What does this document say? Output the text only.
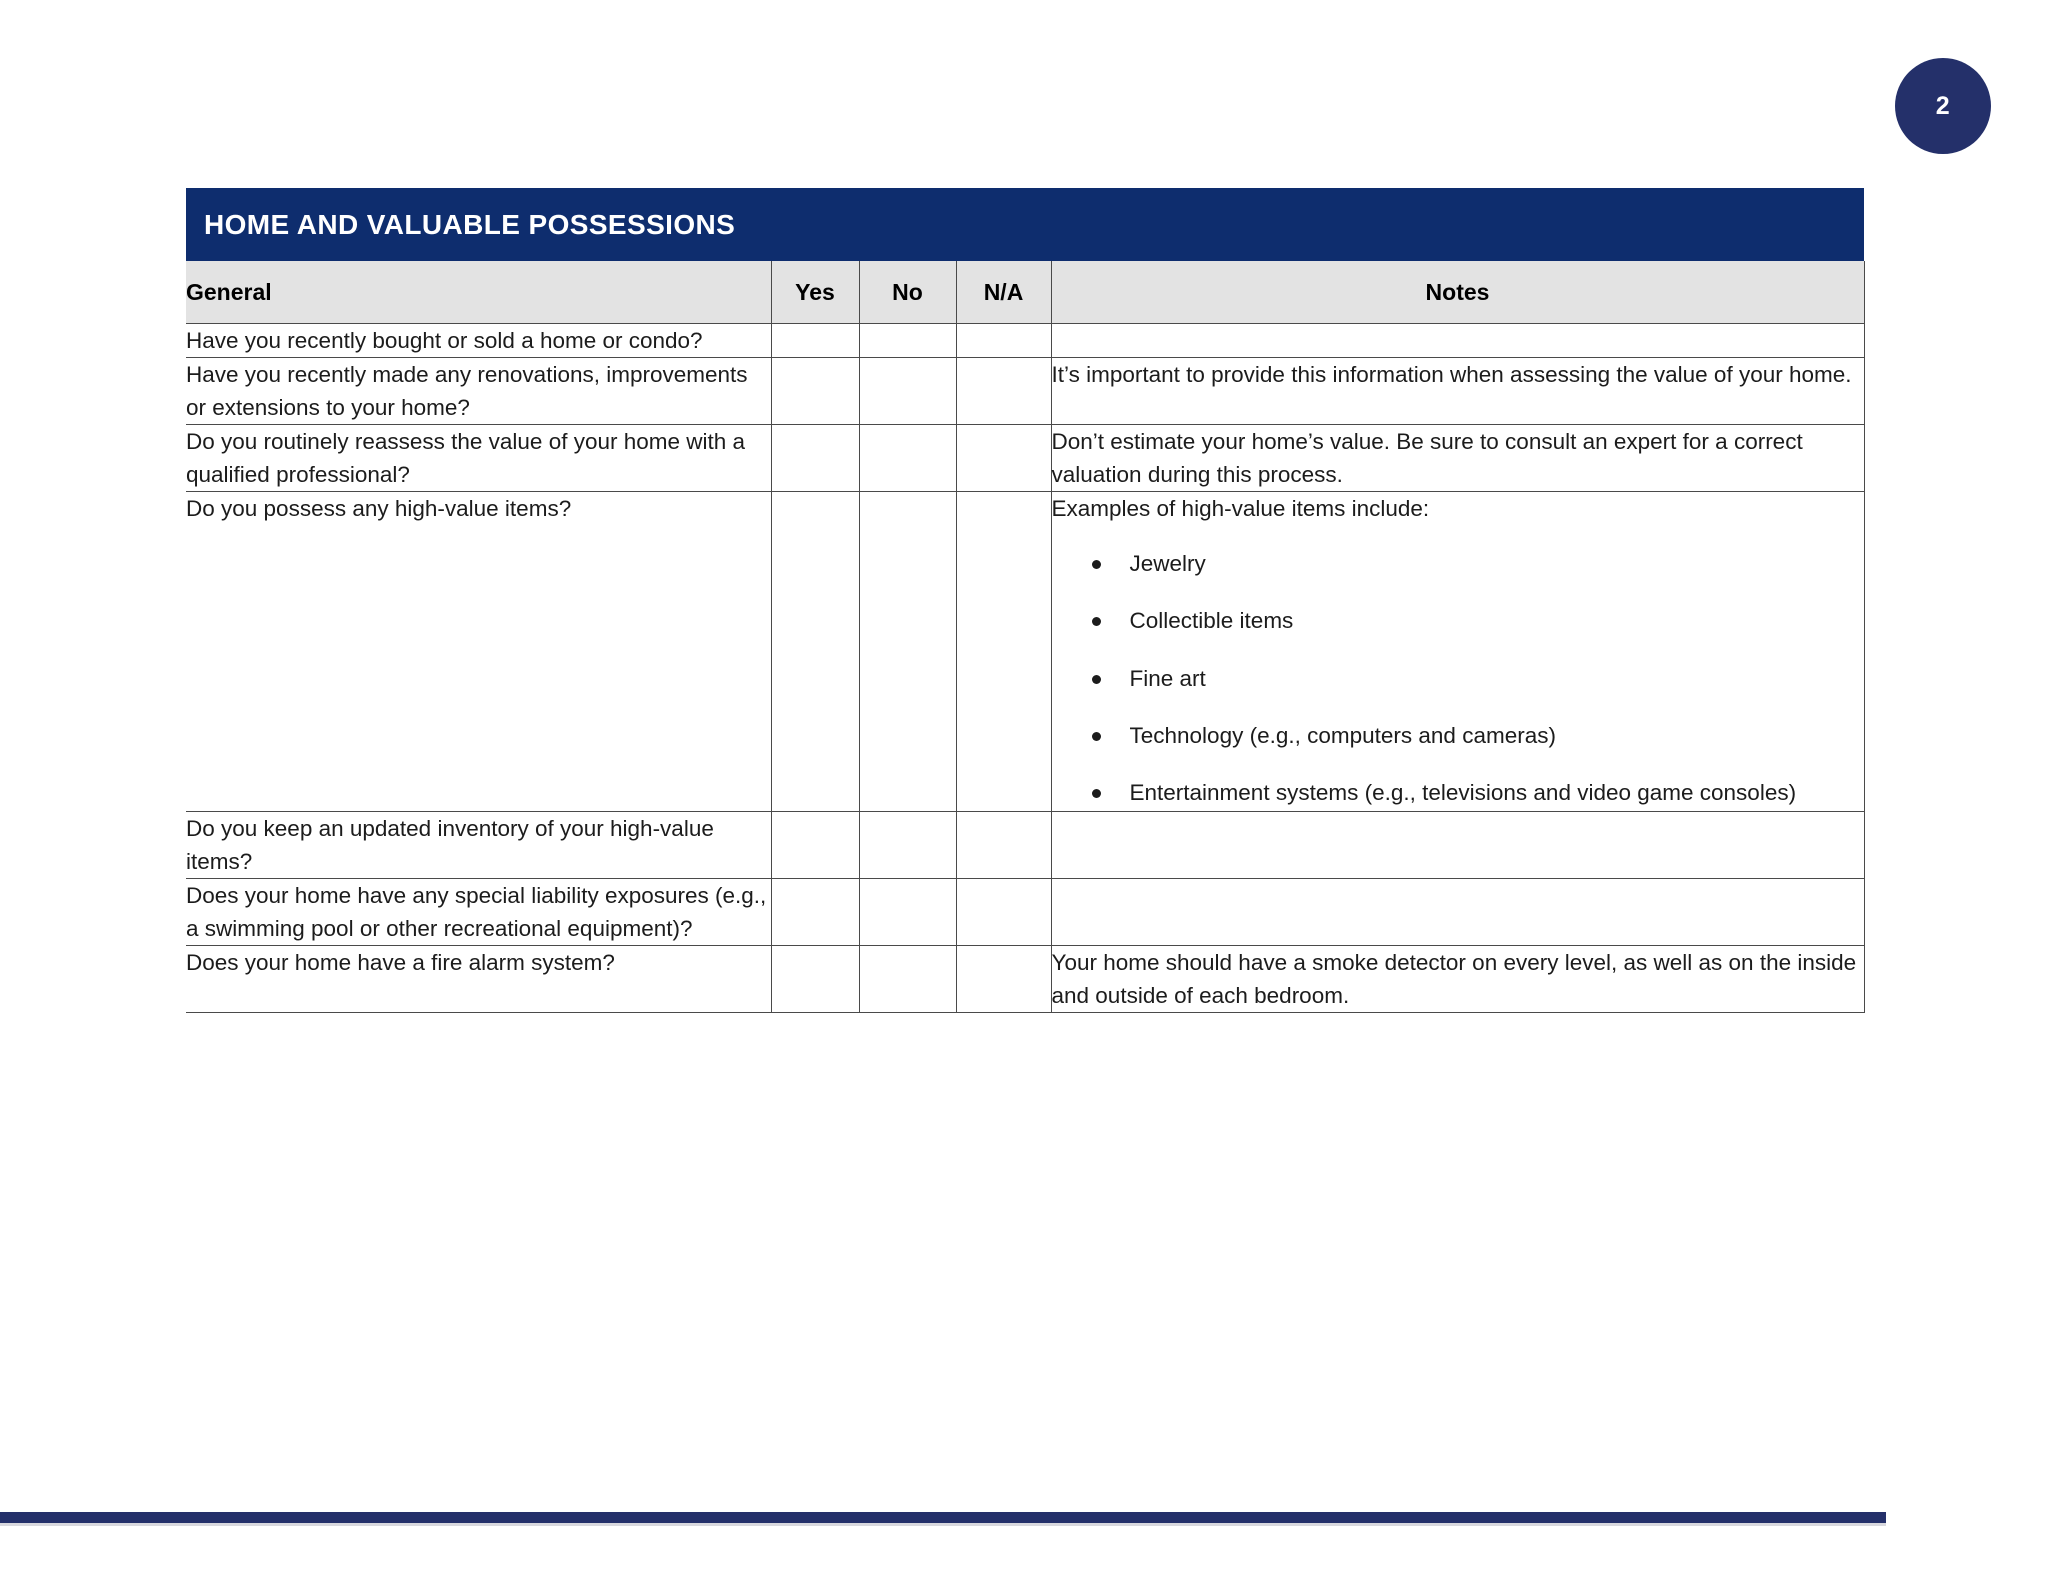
2
HOME AND VALUABLE POSSESSIONS
General	Yes	No	N/A	Notes
Have you recently bought or sold a home or condo?				

Have you recently made any renovations, improvements or extensions to your home?				It’s important to provide this information when assessing the value of your home.

Do you routinely reassess the value of your home with a qualified professional?				Don’t estimate your home’s value. Be sure to consult an expert for a correct valuation during this process.

Do you possess any high-value items?				Examples of high-value items include:

Jewelry
Collectible items
Fine art
Technology (e.g., computers and cameras)
Entertainment systems (e.g., televisions and video game consoles)

Do you keep an updated inventory of your high-value items?				

Does your home have any special liability exposures (e.g., a swimming pool or other recreational equipment)?				

Does your home have a fire alarm system?				Your home should have a smoke detector on every level, as well as on the inside and outside of each bedroom.
